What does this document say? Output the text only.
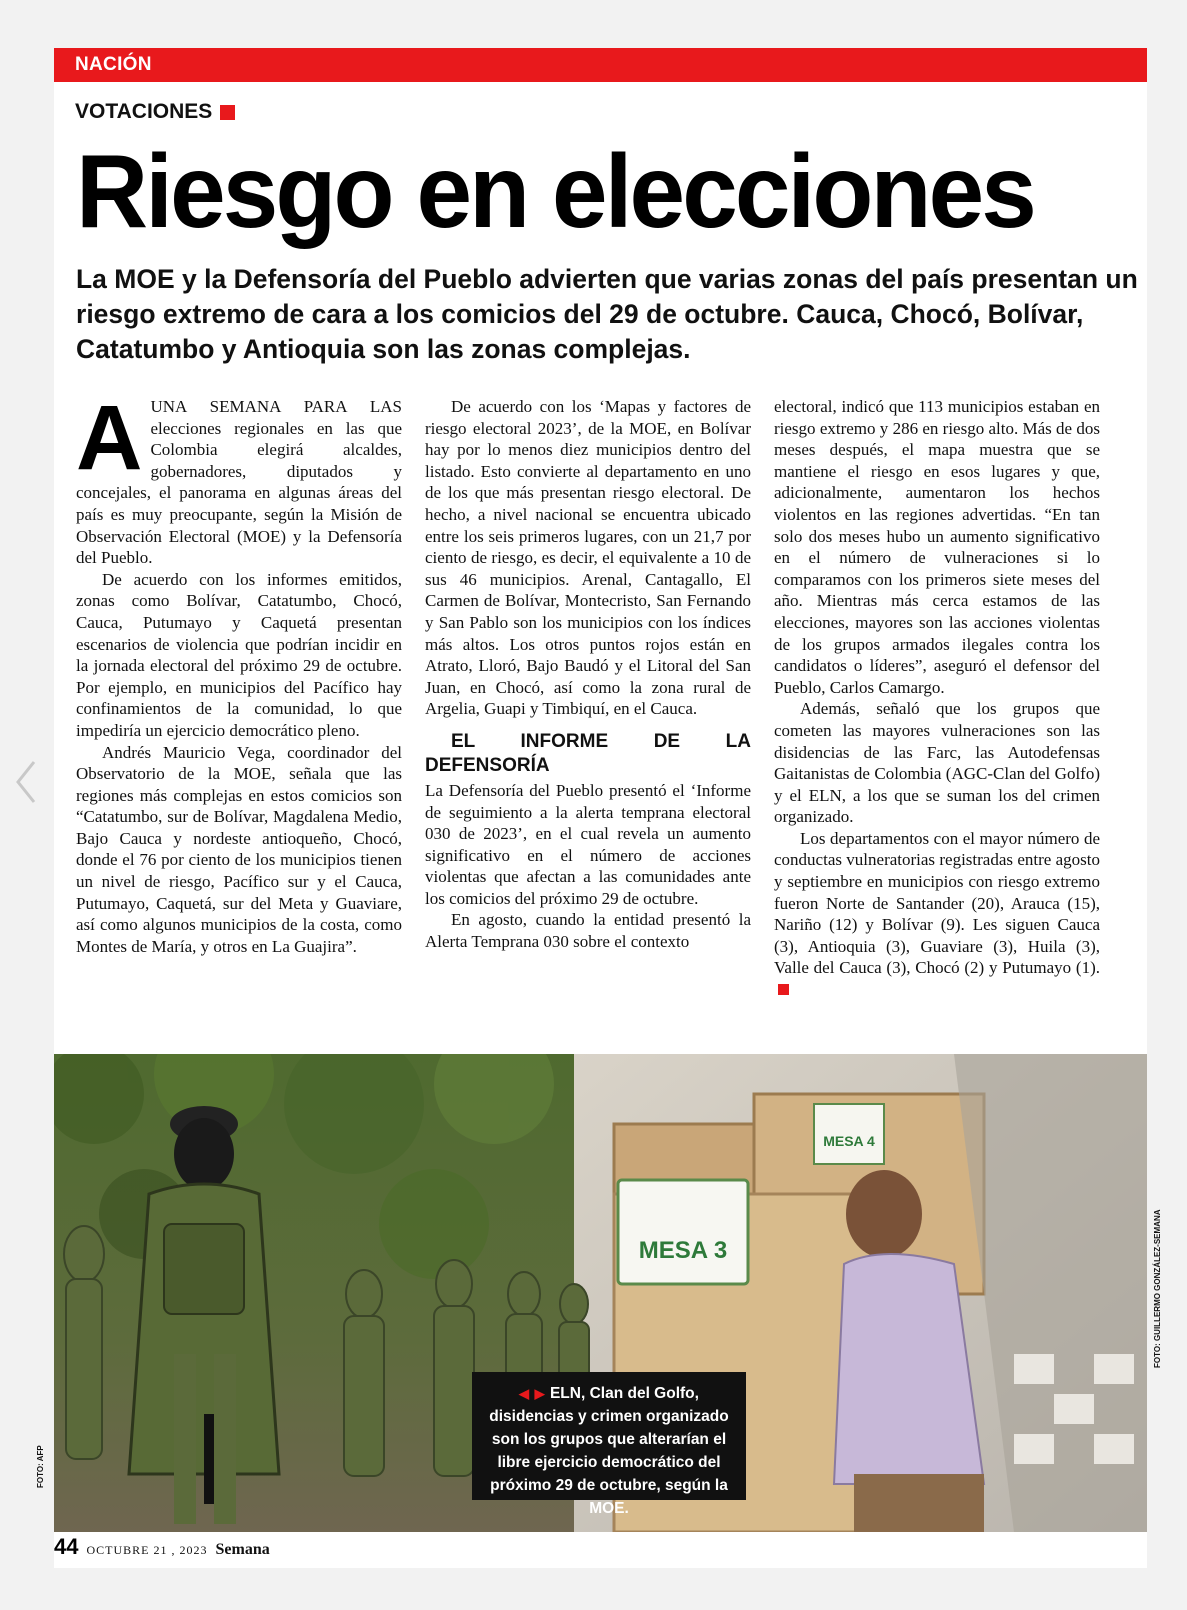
NACIÓN
VOTACIONES
Riesgo en elecciones

La MOE y la Defensoría del Pueblo advierten que varias zonas del país presentan un riesgo extremo de cara a los comicios del 29 de octubre. Cauca, Chocó, Bolívar, Catatumbo y Antioquia son las zonas complejas.

AUNA SEMANA PARA LAS elecciones regionales en las que Colombia elegirá alcaldes, gobernadores, diputados y concejales, el panorama en algunas áreas del país es muy preocupante, según la Misión de Observación Electoral (MOE) y la Defensoría del Pueblo.

De acuerdo con los informes emitidos, zonas como Bolívar, Catatumbo, Chocó, Cauca, Putumayo y Caquetá presentan escenarios de violencia que podrían incidir en la jornada electoral del próximo 29 de octubre. Por ejemplo, en municipios del Pacífico hay confinamientos de la comunidad, lo que impediría un ejercicio democrático pleno.

Andrés Mauricio Vega, coordinador del Observatorio de la MOE, señala que las regiones más complejas en estos comicios son “Catatumbo, sur de Bolívar, Magdalena Medio, Bajo Cauca y nordeste antioqueño, Chocó, donde el 76 por ciento de los municipios tienen un nivel de riesgo, Pacífico sur y el Cauca, Putumayo, Caquetá, sur del Meta y Guaviare, así como algunos municipios de la costa, como Montes de María, y otros en La Guajira”.

De acuerdo con los ‘Mapas y factores de riesgo electoral 2023’, de la MOE, en Bolívar hay por lo menos diez municipios dentro del listado. Esto convierte al departamento en uno de los que más presentan riesgo electoral. De hecho, a nivel nacional se encuentra ubicado entre los seis primeros lugares, con un 21,7 por ciento de riesgo, es decir, el equivalente a 10 de sus 46 municipios. Arenal, Cantagallo, El Carmen de Bolívar, Montecristo, San Fernando y San Pablo son los municipios con los índices más altos. Los otros puntos rojos están en Atrato, Lloró, Bajo Baudó y el Litoral del San Juan, en Chocó, así como la zona rural de Argelia, Guapi y Timbiquí, en el Cauca.

EL INFORME DE LA DEFENSORÍA

La Defensoría del Pueblo presentó el ‘Informe de seguimiento a la alerta temprana electoral 030 de 2023’, en el cual revela un aumento significativo en el número de acciones violentas que afectan a las comunidades ante los comicios del próximo 29 de octubre.

En agosto, cuando la entidad presentó la Alerta Temprana 030 sobre el contexto

electoral, indicó que 113 municipios estaban en riesgo extremo y 286 en riesgo alto. Más de dos meses después, el mapa muestra que se mantiene el riesgo en esos lugares y que, adicionalmente, aumentaron los hechos violentos en las regiones advertidas. “En tan solo dos meses hubo un aumento significativo en el número de vulneraciones si lo comparamos con los primeros siete meses del año. Mientras más cerca estamos de las elecciones, mayores son las acciones violentas de los grupos armados ilegales contra los candidatos o líderes”, aseguró el defensor del Pueblo, Carlos Camargo.

Además, señaló que los grupos que cometen las mayores vulneraciones son las disidencias de las Farc, las Autodefensas Gaitanistas de Colombia (AGC-Clan del Golfo) y el ELN, a los que se suman los del crimen organizado.

Los departamentos con el mayor número de conductas vulneratorias registradas entre agosto y septiembre en municipios con riesgo extremo fueron Norte de Santander (20), Arauca (15), Nariño (12) y Bolívar (9). Les siguen Cauca (3), Antioquia (3), Guaviare (3), Huila (3), Valle del Cauca (3), Chocó (2) y Putumayo (1).

MESA 4
MESA 3
◀ ▶ ELN, Clan del Golfo, disidencias y crimen organizado son los grupos que alterarían el libre ejercicio democrático del próximo 29 de octubre, según la MOE.
FOTO: AFP
FOTO: GUILLERMO GONZÁLEZ-SEMANA
44 OCTUBRE 21 , 2023 Semana
